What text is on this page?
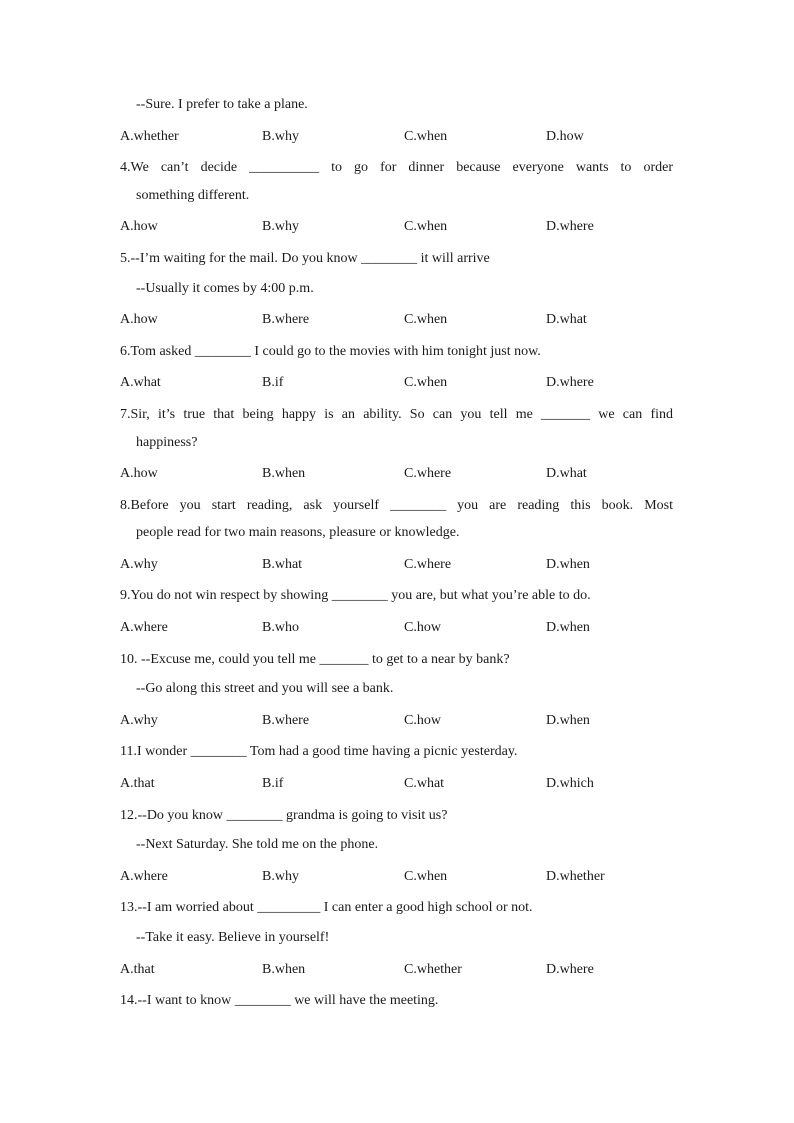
--Sure. I prefer to take a plane.
A.whether	B.why	C.when	D.how
4.We can’t decide __________ to go for dinner because everyone wants to order
something different.
A.how	B.why	C.when	D.where
5.--I’m waiting for the mail. Do you know ________ it will arrive
--Usually it comes by 4:00 p.m.
A.how	B.where	C.when	D.what
6.Tom asked ________ I could go to the movies with him tonight just now.
A.what	B.if	C.when	D.where
7.Sir, it’s true that being happy is an ability. So can you tell me _______ we can find
happiness?
A.how	B.when	C.where	D.what
8.Before you start reading, ask yourself ________ you are reading this book. Most
people read for two main reasons, pleasure or knowledge.
A.why	B.what	C.where	D.when
9.You do not win respect by showing ________ you are, but what you’re able to do.
A.where	B.who	C.how	D.when
10. --Excuse me, could you tell me _______ to get to a near by bank?
--Go along this street and you will see a bank.
A.why	B.where	C.how	D.when
11.I wonder ________ Tom had a good time having a picnic yesterday.
A.that	B.if	C.what	D.which
12.--Do you know ________ grandma is going to visit us?
--Next Saturday. She told me on the phone.
A.where	B.why	C.when	D.whether
13.--I am worried about _________ I can enter a good high school or not.
--Take it easy. Believe in yourself!
A.that	B.when	C.whether	D.where
14.--I want to know ________ we will have the meeting.
